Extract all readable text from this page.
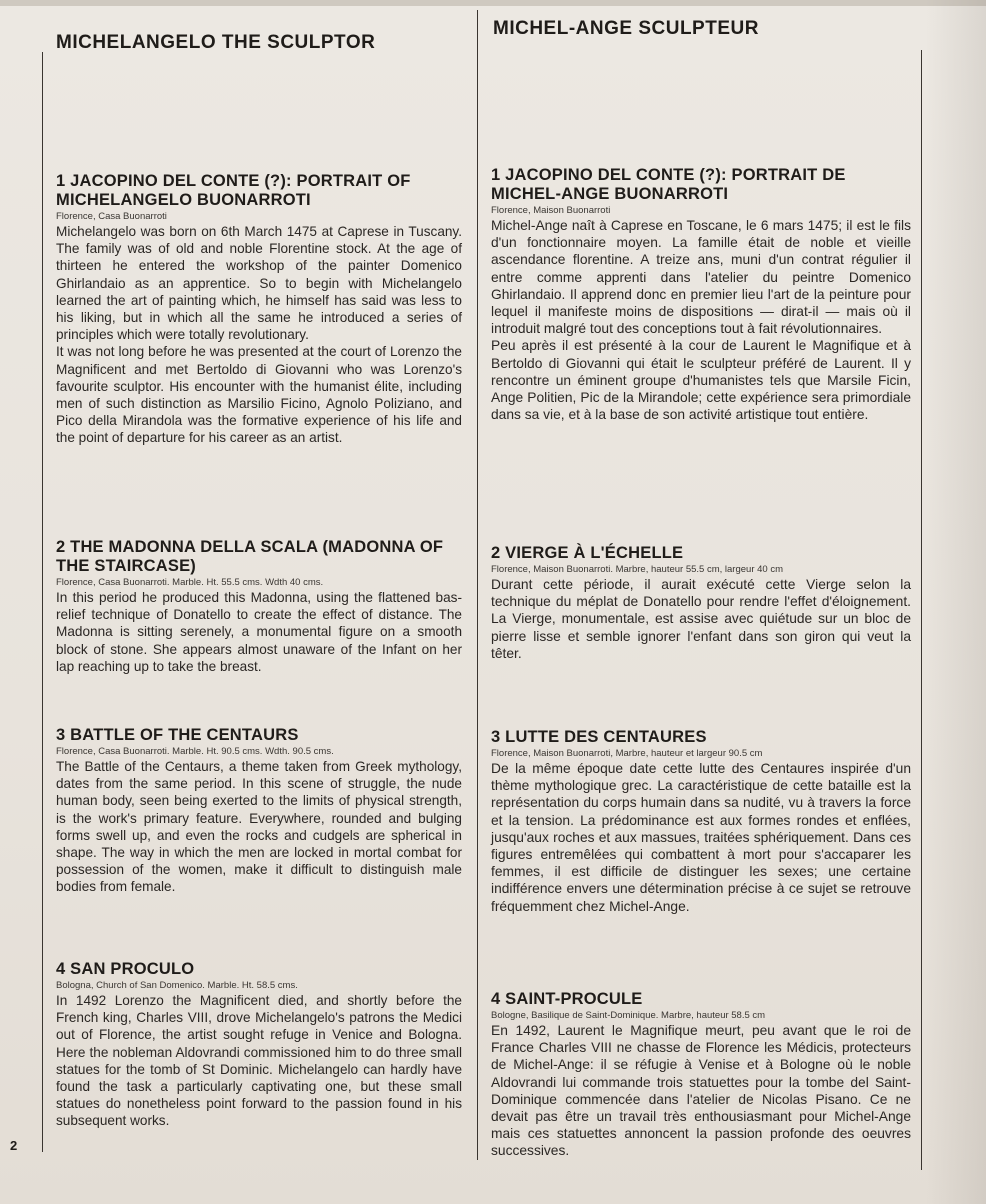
MICHELANGELO THE SCULPTOR
1 JACOPINO DEL CONTE (?): PORTRAIT OF MICHELANGELO BUONARROTI

Florence, Casa Buonarroti

Michelangelo was born on 6th March 1475 at Caprese in Tuscany. The family was of old and noble Florentine stock. At the age of thirteen he entered the workshop of the painter Domenico Ghirlandaio as an apprentice. So to begin with Michelangelo learned the art of painting which, he himself has said was less to his liking, but in which all the same he introduced a series of principles which were totally revolutionary.
It was not long before he was presented at the court of Lorenzo the Magnificent and met Bertoldo di Giovanni who was Lorenzo's favourite sculptor. His encounter with the humanist élite, including men of such distinction as Marsilio Ficino, Agnolo Poliziano, and Pico della Mirandola was the formative experience of his life and the point of departure for his career as an artist.

2 THE MADONNA DELLA SCALA (MADONNA OF THE STAIRCASE)

Florence, Casa Buonarroti. Marble. Ht. 55.5 cms. Wdth 40 cms.

In this period he produced this Madonna, using the flattened bas-relief technique of Donatello to create the effect of distance. The Madonna is sitting serenely, a monumental figure on a smooth block of stone. She appears almost unaware of the Infant on her lap reaching up to take the breast.

3 BATTLE OF THE CENTAURS

Florence, Casa Buonarroti. Marble. Ht. 90.5 cms. Wdth. 90.5 cms.

The Battle of the Centaurs, a theme taken from Greek mythology, dates from the same period. In this scene of struggle, the nude human body, seen being exerted to the limits of physical strength, is the work's primary feature. Everywhere, rounded and bulging forms swell up, and even the rocks and cudgels are spherical in shape. The way in which the men are locked in mortal combat for possession of the women, make it difficult to distinguish male bodies from female.

4 SAN PROCULO

Bologna, Church of San Domenico. Marble. Ht. 58.5 cms.

In 1492 Lorenzo the Magnificent died, and shortly before the French king, Charles VIII, drove Michelangelo's patrons the Medici out of Florence, the artist sought refuge in Venice and Bologna. Here the nobleman Aldovrandi commissioned him to do three small statues for the tomb of St Dominic. Michelangelo can hardly have found the task a particularly captivating one, but these small statues do nonetheless point forward to the passion found in his subsequent works.

MICHEL-ANGE SCULPTEUR
1 JACOPINO DEL CONTE (?): PORTRAIT DE MICHEL-ANGE BUONARROTI

Florence, Maison Buonarroti

Michel-Ange naît à Caprese en Toscane, le 6 mars 1475; il est le fils d'un fonctionnaire moyen. La famille était de noble et vieille ascendance florentine. A treize ans, muni d'un contrat régulier il entre comme apprenti dans l'atelier du peintre Domenico Ghirlandaio. Il apprend donc en premier lieu l'art de la peinture pour lequel il manifeste moins de dispositions — dirat-il — mais où il introduit malgré tout des conceptions tout à fait révolutionnaires.
Peu après il est présenté à la cour de Laurent le Magnifique et à Bertoldo di Giovanni qui était le sculpteur préféré de Laurent. Il y rencontre un éminent groupe d'humanistes tels que Marsile Ficin, Ange Politien, Pic de la Mirandole; cette expérience sera primordiale dans sa vie, et à la base de son activité artistique tout entière.

2 VIERGE À L'ÉCHELLE

Florence, Maison Buonarroti. Marbre, hauteur 55.5 cm, largeur 40 cm

Durant cette période, il aurait exécuté cette Vierge selon la technique du méplat de Donatello pour rendre l'effet d'éloignement. La Vierge, monumentale, est assise avec quiétude sur un bloc de pierre lisse et semble ignorer l'enfant dans son giron qui veut la têter.

3 LUTTE DES CENTAURES

Florence, Maison Buonarroti, Marbre, hauteur et largeur 90.5 cm

De la même époque date cette lutte des Centaures inspirée d'un thème mythologique grec. La caractéristique de cette bataille est la représentation du corps humain dans sa nudité, vu à travers la force et la tension. La prédominance est aux formes rondes et enflées, jusqu'aux roches et aux massues, traitées sphériquement. Dans ces figures entremêlées qui combattent à mort pour s'accaparer les femmes, il est difficile de distinguer les sexes; une certaine indifférence envers une détermination précise à ce sujet se retrouve fréquemment chez Michel-Ange.

4 SAINT-PROCULE

Bologne, Basilique de Saint-Dominique. Marbre, hauteur 58.5 cm

En 1492, Laurent le Magnifique meurt, peu avant que le roi de France Charles VIII ne chasse de Florence les Médicis, protecteurs de Michel-Ange: il se réfugie à Venise et à Bologne où le noble Aldovrandi lui commande trois statuettes pour la tombe del Saint-Dominique commencée dans l'atelier de Nicolas Pisano. Ce ne devait pas être un travail très enthousiasmant pour Michel-Ange mais ces statuettes annoncent la passion profonde des oeuvres successives.

2
